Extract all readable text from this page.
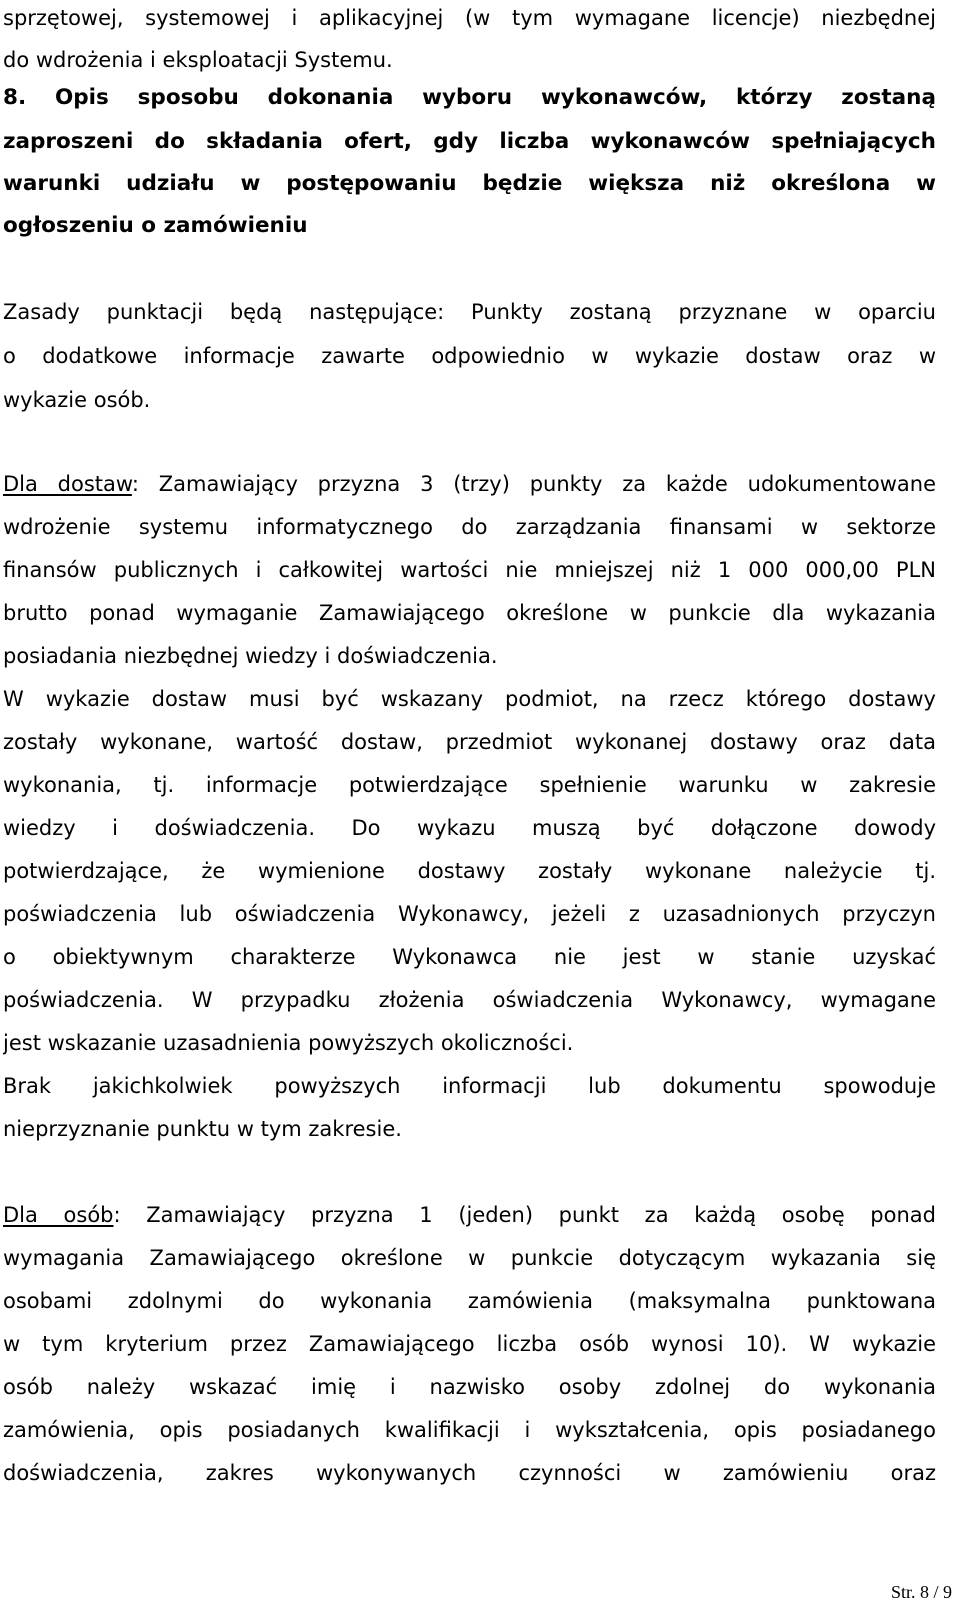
sprzętowej, systemowej i aplikacyjnej (w tym wymagane licencje) niezbędnej
do wdrożenia i eksploatacji Systemu.
8. Opis sposobu dokonania wyboru wykonawców, którzy zostaną
zaproszeni do składania ofert, gdy liczba wykonawców spełniających
warunki udziału w postępowaniu będzie większa niż określona w
ogłoszeniu o zamówieniu
Zasady punktacji będą następujące: Punkty zostaną przyznane w oparciu
o dodatkowe informacje zawarte odpowiednio w wykazie dostaw oraz w
wykazie osób.
Dla dostaw: Zamawiający przyzna 3 (trzy) punkty za każde udokumentowane
wdrożenie systemu informatycznego do zarządzania finansami w sektorze
finansów publicznych i całkowitej wartości nie mniejszej niż 1 000 000,00 PLN
brutto ponad wymaganie Zamawiającego określone w punkcie dla wykazania
posiadania niezbędnej wiedzy i doświadczenia.
W wykazie dostaw musi być wskazany podmiot, na rzecz którego dostawy
zostały wykonane, wartość dostaw, przedmiot wykonanej dostawy oraz data
wykonania, tj. informacje potwierdzające spełnienie warunku w zakresie
wiedzy i doświadczenia. Do wykazu muszą być dołączone dowody
potwierdzające, że wymienione dostawy zostały wykonane należycie tj.
poświadczenia lub oświadczenia Wykonawcy, jeżeli z uzasadnionych przyczyn
o obiektywnym charakterze Wykonawca nie jest w stanie uzyskać
poświadczenia. W przypadku złożenia oświadczenia Wykonawcy, wymagane
jest wskazanie uzasadnienia powyższych okoliczności.
Brak jakichkolwiek powyższych informacji lub dokumentu spowoduje
nieprzyznanie punktu w tym zakresie.
Dla osób: Zamawiający przyzna 1 (jeden) punkt za każdą osobę ponad
wymagania Zamawiającego określone w punkcie dotyczącym wykazania się
osobami zdolnymi do wykonania zamówienia (maksymalna punktowana
w tym kryterium przez Zamawiającego liczba osób wynosi 10). W wykazie
osób należy wskazać imię i nazwisko osoby zdolnej do wykonania
zamówienia, opis posiadanych kwalifikacji i wykształcenia, opis posiadanego
doświadczenia, zakres wykonywanych czynności w zamówieniu oraz
Str. 8 / 9
